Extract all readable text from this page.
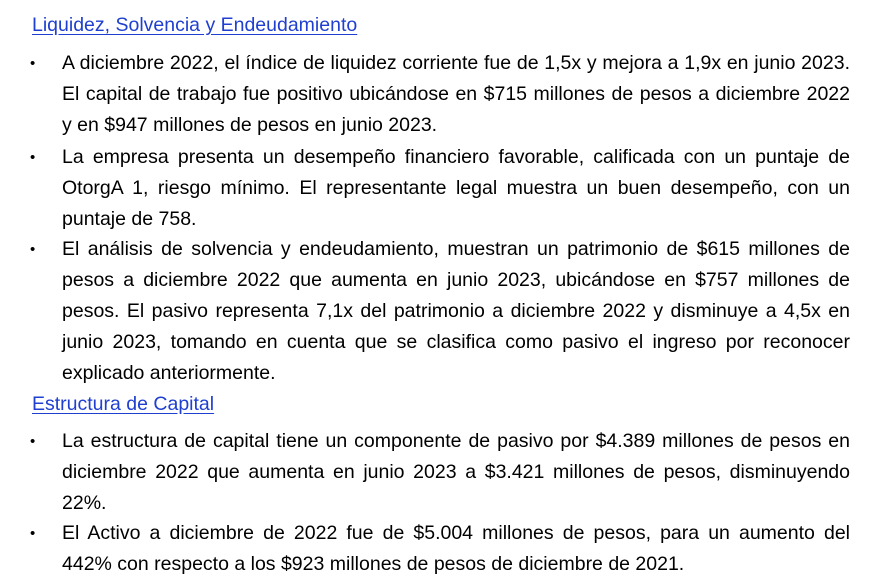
Liquidez, Solvencia y Endeudamiento
• A diciembre 2022, el índice de liquidez corriente fue de 1,5x y mejora a 1,9x en junio 2023. El capital de trabajo fue positivo ubicándose en $715 millones de pesos a diciembre 2022 y en $947 millones de pesos en junio 2023.

• La empresa presenta un desempeño financiero favorable, calificada con un puntaje de OtorgA 1, riesgo mínimo. El representante legal muestra un buen desempeño, con un puntaje de 758.

• El análisis de solvencia y endeudamiento, muestran un patrimonio de $615 millones de pesos a diciembre 2022 que aumenta en junio 2023, ubicándose en $757 millones de pesos. El pasivo representa 7,1x del patrimonio a diciembre 2022 y disminuye a 4,5x en junio 2023, tomando en cuenta que se clasifica como pasivo el ingreso por reconocer explicado anteriormente.

Estructura de Capital
• La estructura de capital tiene un componente de pasivo por $4.389 millones de pesos en diciembre 2022 que aumenta en junio 2023 a $3.421 millones de pesos, disminuyendo 22%.

• El Activo a diciembre de 2022 fue de $5.004 millones de pesos, para un aumento del 442% con respecto a los $923 millones de pesos de diciembre de 2021.
